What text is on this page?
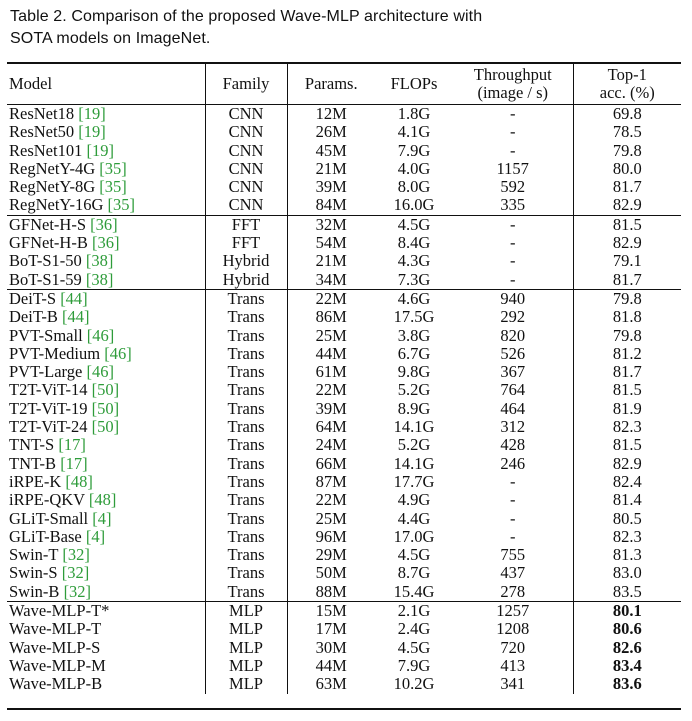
Table 2. Comparison of the proposed Wave-MLP architecture with
SOTA models on ImageNet.
Model	Family	Params.	FLOPs	Throughput
(image / s)	Top-1
acc. (%)
ResNet18 [19]	CNN	12M	1.8G	-	69.8
ResNet50 [19]	CNN	26M	4.1G	-	78.5
ResNet101 [19]	CNN	45M	7.9G	-	79.8
RegNetY-4G [35]	CNN	21M	4.0G	1157	80.0
RegNetY-8G [35]	CNN	39M	8.0G	592	81.7
RegNetY-16G [35]	CNN	84M	16.0G	335	82.9
GFNet-H-S [36]	FFT	32M	4.5G	-	81.5
GFNet-H-B [36]	FFT	54M	8.4G	-	82.9
BoT-S1-50 [38]	Hybrid	21M	4.3G	-	79.1
BoT-S1-59 [38]	Hybrid	34M	7.3G	-	81.7
DeiT-S [44]	Trans	22M	4.6G	940	79.8
DeiT-B [44]	Trans	86M	17.5G	292	81.8
PVT-Small [46]	Trans	25M	3.8G	820	79.8
PVT-Medium [46]	Trans	44M	6.7G	526	81.2
PVT-Large [46]	Trans	61M	9.8G	367	81.7
T2T-ViT-14 [50]	Trans	22M	5.2G	764	81.5
T2T-ViT-19 [50]	Trans	39M	8.9G	464	81.9
T2T-ViT-24 [50]	Trans	64M	14.1G	312	82.3
TNT-S [17]	Trans	24M	5.2G	428	81.5
TNT-B [17]	Trans	66M	14.1G	246	82.9
iRPE-K [48]	Trans	87M	17.7G	-	82.4
iRPE-QKV [48]	Trans	22M	4.9G	-	81.4
GLiT-Small [4]	Trans	25M	4.4G	-	80.5
GLiT-Base [4]	Trans	96M	17.0G	-	82.3
Swin-T [32]	Trans	29M	4.5G	755	81.3
Swin-S [32]	Trans	50M	8.7G	437	83.0
Swin-B [32]	Trans	88M	15.4G	278	83.5
Wave-MLP-T*	MLP	15M	2.1G	1257	80.1
Wave-MLP-T	MLP	17M	2.4G	1208	80.6
Wave-MLP-S	MLP	30M	4.5G	720	82.6
Wave-MLP-M	MLP	44M	7.9G	413	83.4
Wave-MLP-B	MLP	63M	10.2G	341	83.6
